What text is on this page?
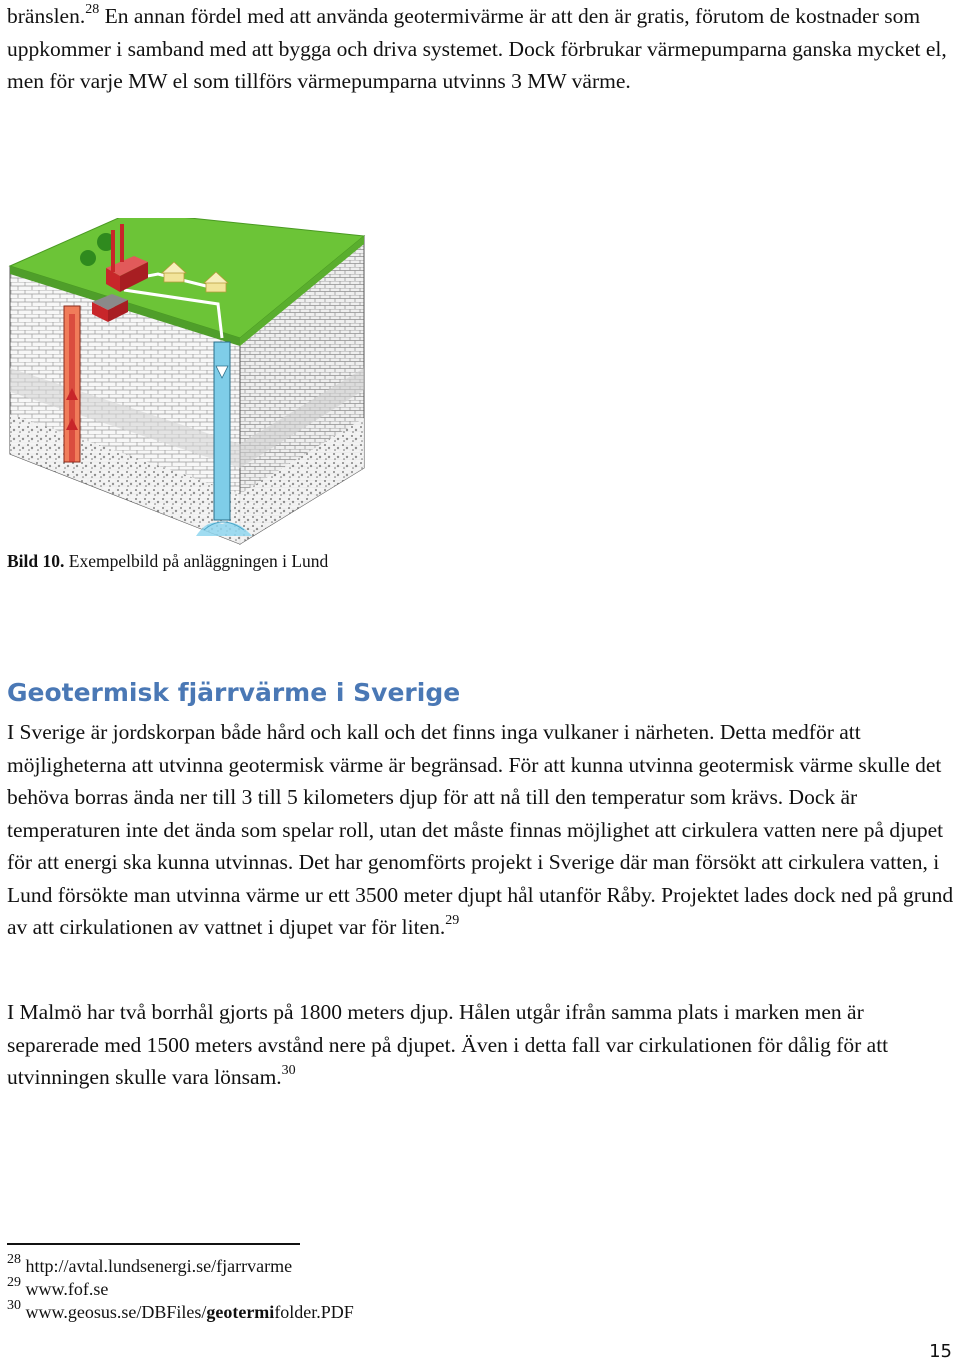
bränslen.$^{28}$ En annan fördel med att använda geotermivärme är att den är gratis, förutom de kostnader som uppkommer i samband med att bygga och driva systemet. Dock förbrukar värmepumparna ganska mycket el, men för varje MW el som tillförs värmepumparna utvinns 3 MW värme.

Bild 10. Exempelbild på anläggningen i Lund
Geotermisk fjärrvärme i Sverige

I Sverige är jordskorpan både hård och kall och det finns inga vulkaner i närheten. Detta medför att möjligheterna att utvinna geotermisk värme är begränsad. För att kunna utvinna geotermisk värme skulle det behöva borras ända ner till 3 till 5 kilometers djup för att nå till den temperatur som krävs. Dock är temperaturen inte det ända som spelar roll, utan det måste finnas möjlighet att cirkulera vatten nere på djupet för att energi ska kunna utvinnas. Det har genomförts projekt i Sverige där man försökt att cirkulera vatten, i Lund försökte man utvinna värme ur ett 3500 meter djupt hål utanför Råby. Projektet lades dock ned på grund av att cirkulationen av vattnet i djupet var för liten.$^{29}$

I Malmö har två borrhål gjorts på 1800 meters djup. Hålen utgår ifrån samma plats i marken men är separerade med 1500 meters avstånd nere på djupet. Även i detta fall var cirkulationen för dålig för att utvinningen skulle vara lönsam.$^{30}$

$^{28}$ http://avtal.lundsenergi.se/fjarrvarme
$^{29}$ www.fof.se
$^{30}$ www.geosus.se/DBFiles/geotermifolder.PDF
15
